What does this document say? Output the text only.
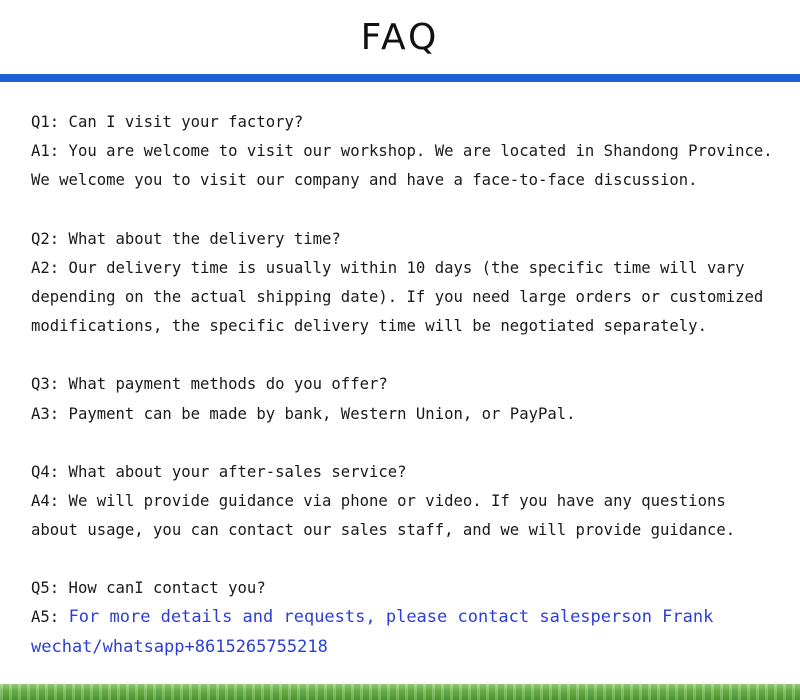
FAQ

Q1: Can I visit your factory?

A1: You are welcome to visit our workshop. We are located in Shandong Province.

We welcome you to visit our company and have a face-to-face discussion.

Q2: What about the delivery time?

A2: Our delivery time is usually within 10 days (the specific time will vary

depending on the actual shipping date). If you need large orders or customized

modifications, the specific delivery time will be negotiated separately.

Q3: What payment methods do you offer?

A3: Payment can be made by bank, Western Union, or PayPal.

Q4: What about your after-sales service?

A4: We will provide guidance via phone or video. If you have any questions

about usage, you can contact our sales staff, and we will provide guidance.

Q5: How canI contact you?

A5: For more details and requests, please contact salesperson Frank

wechat/whatsapp+8615265755218
